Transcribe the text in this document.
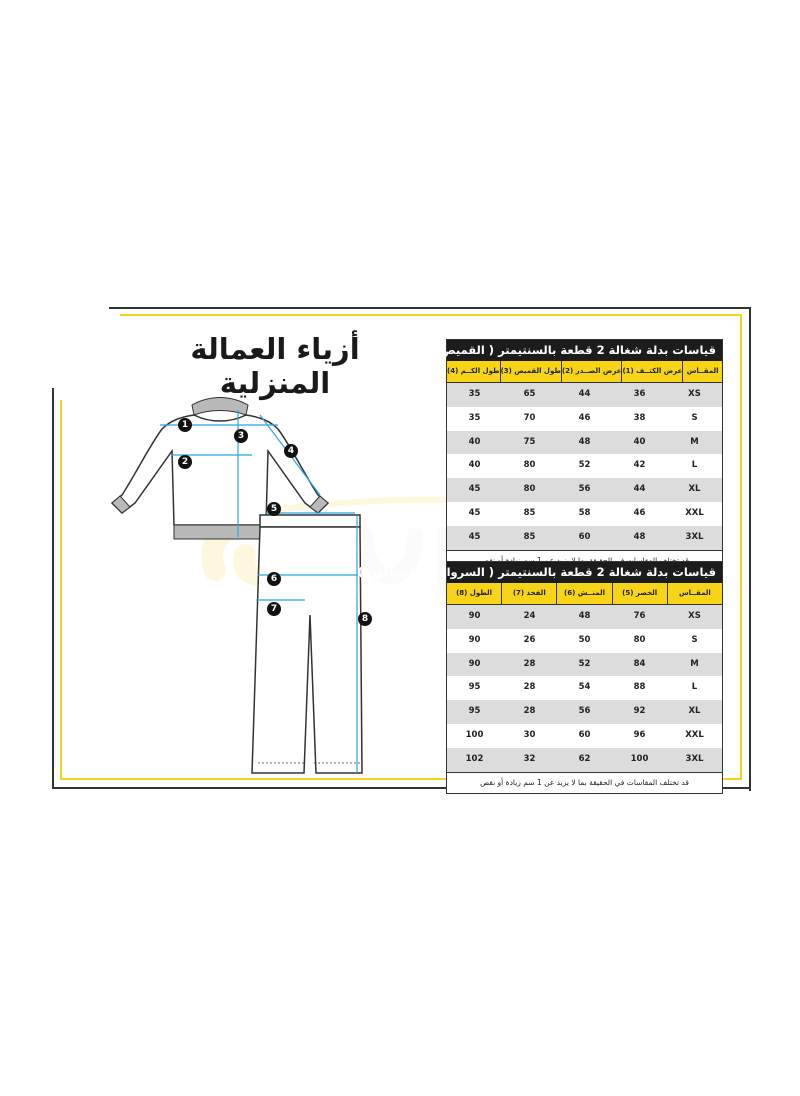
أزياء العمالة المنزلية
1
2
3
4
5
6
7
8
قياسات بدلة شغالة 2 قطعة بالسنتيمتر ( القميص أو البلوزة )
المقــاس
عرض الكتــف (1)
عرض الصــدر (2)
طول القميص (3)
طول الكــم (4)
XS
36
44
65
35
S
38
46
70
35
M
40
48
75
40
L
42
52
80
40
XL
44
56
80
45
XXL
46
58
85
45
3XL
48
60
85
45
قياسات بدلة شغالة 2 قطعة بالسنتيمتر ( السروال أو البنطلون )
المقــاس
الخصر (5)
المنــش (6)
الفخذ (7)
الطول (8)
XS
76
48
24
90
S
80
50
26
90
M
84
52
28
90
L
88
54
28
95
XL
92
56
28
95
XXL
96
60
30
100
3XL
100
62
32
102
قد تختلف المقاسات في الحقيقة بما لا يزيد عن 1 سم زيادة أو نقص
